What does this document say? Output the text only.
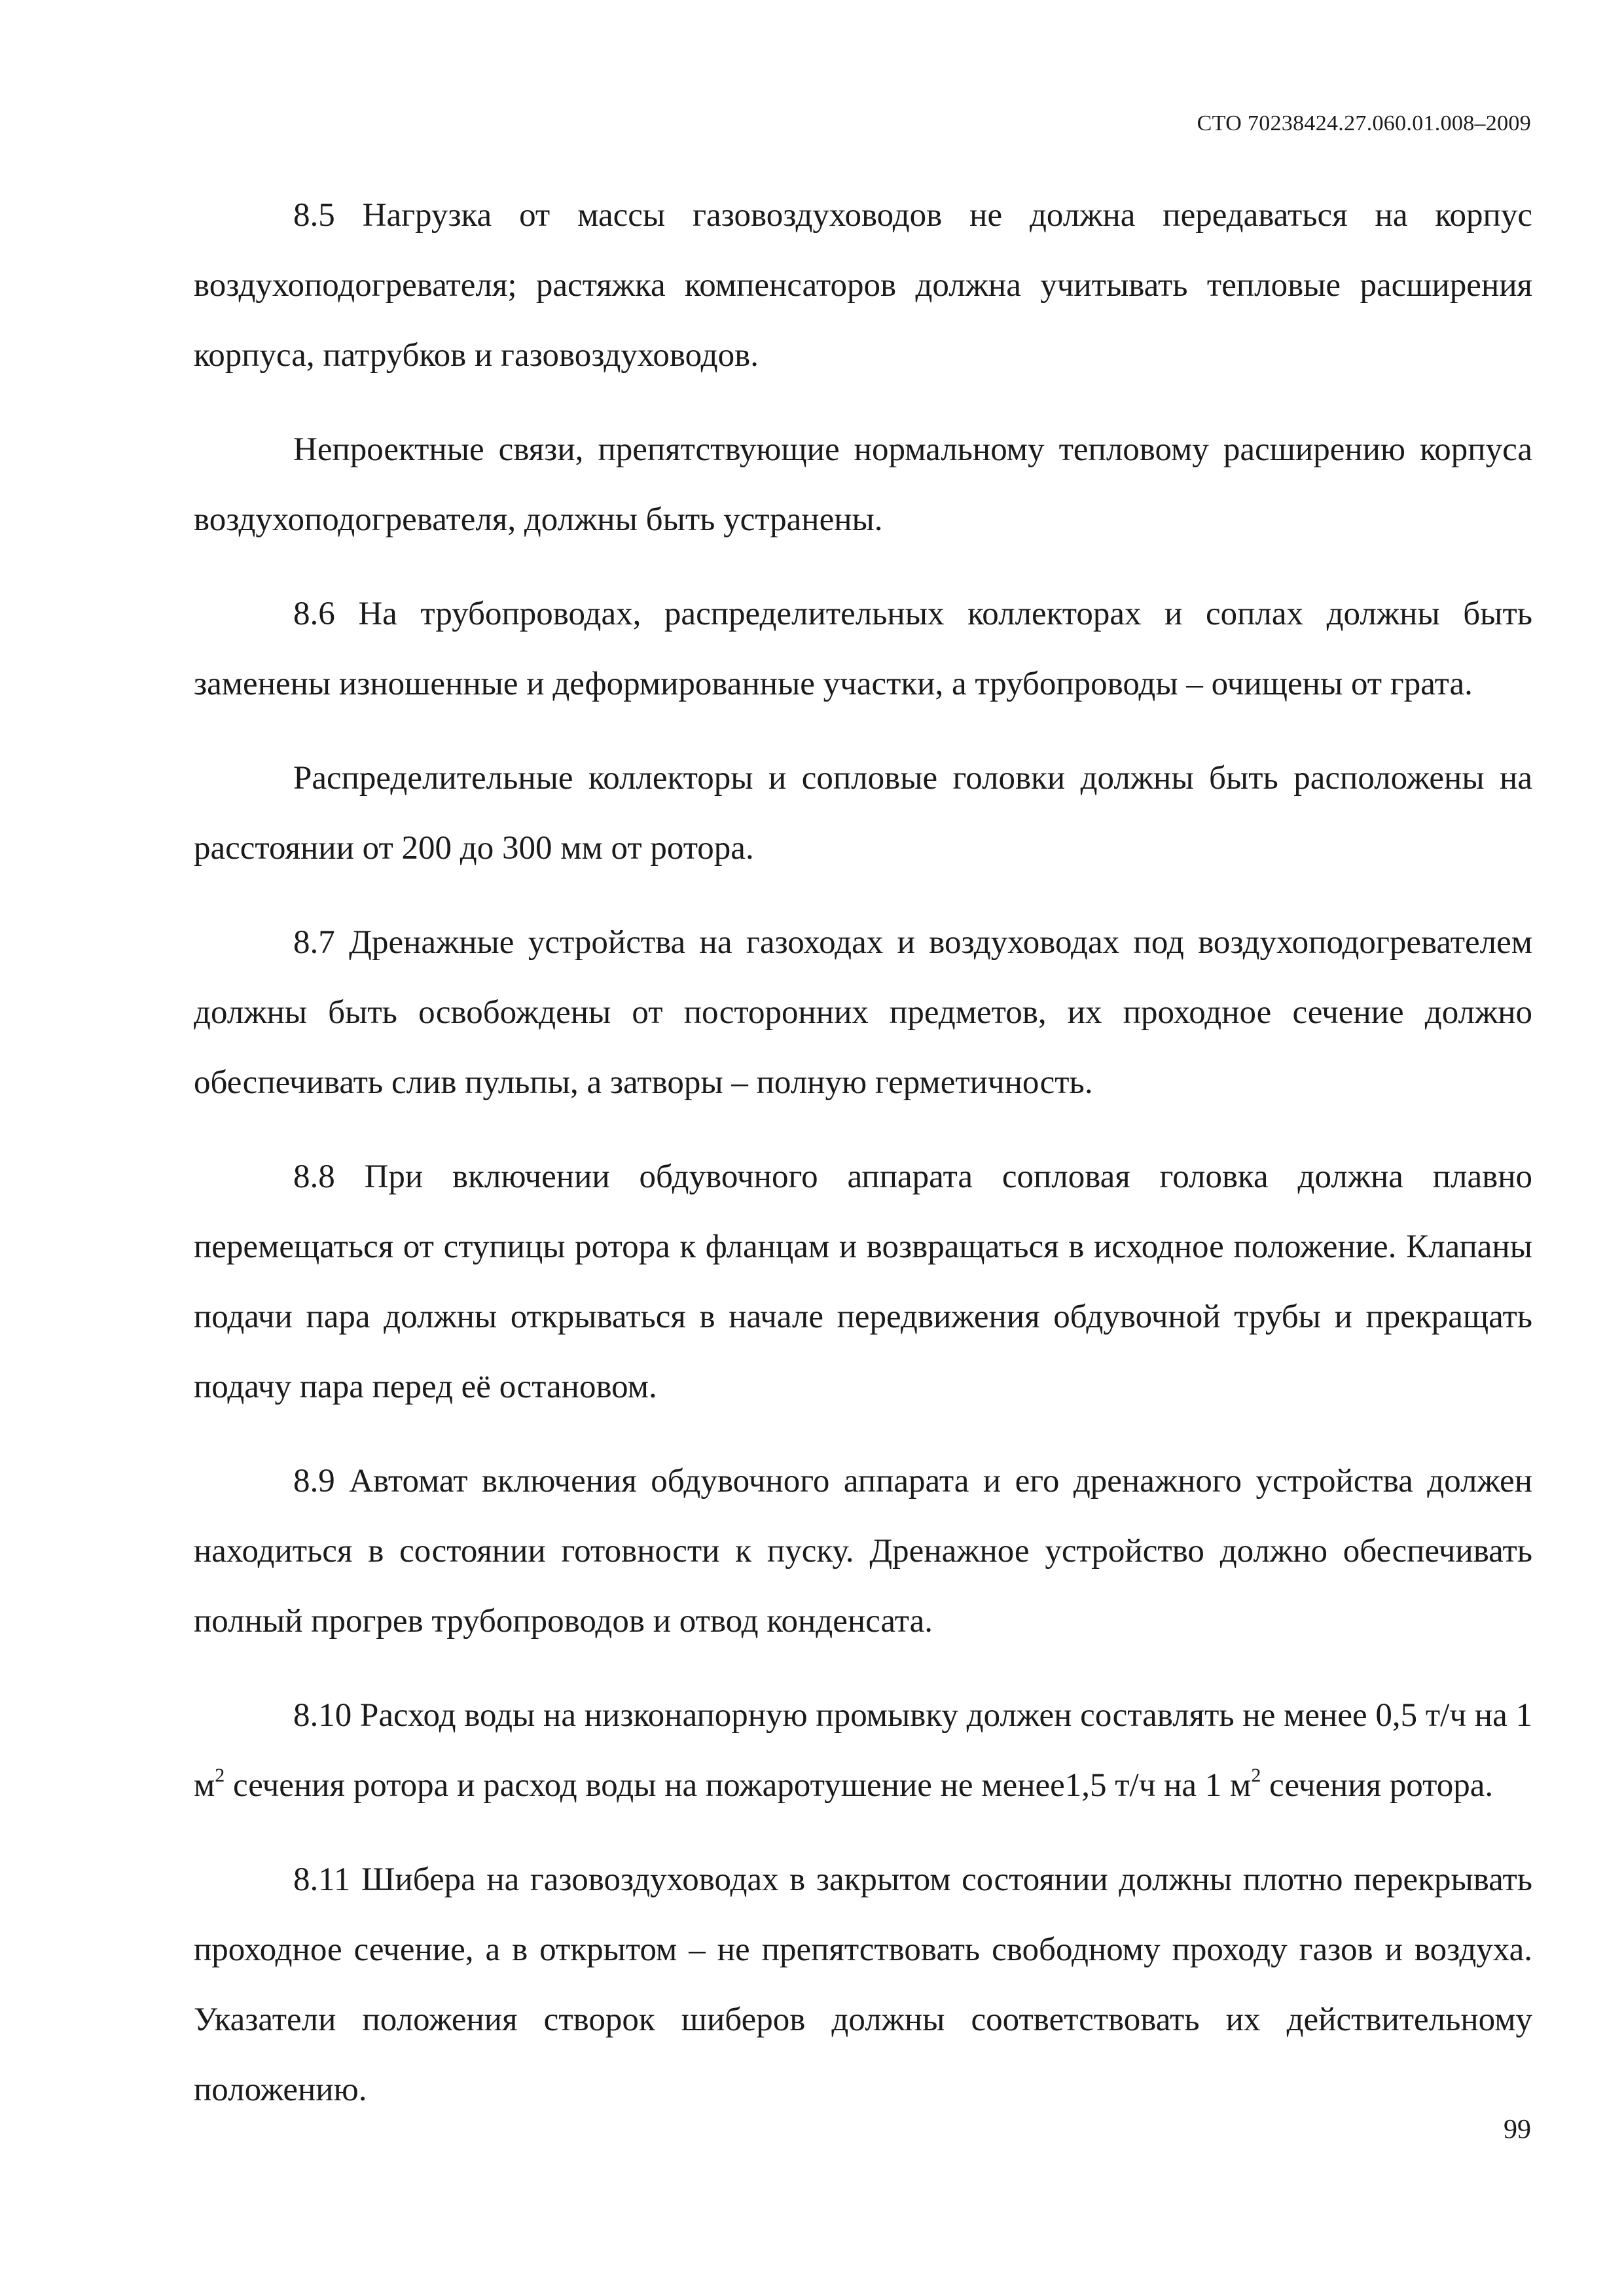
СТО 70238424.27.060.01.008–2009

8.5 Нагрузка от массы газовоздуховодов не должна передаваться на корпус воздухоподогревателя; растяжка компенсаторов должна учитывать тепловые расширения корпуса, патрубков и газовоздуховодов.

Непроектные связи, препятствующие нормальному тепловому расширению корпуса воздухоподогревателя, должны быть устранены.

8.6 На трубопроводах, распределительных коллекторах и соплах должны быть заменены изношенные и деформированные участки, а трубопроводы – очищены от грата.

Распределительные коллекторы и сопловые головки должны быть расположены на расстоянии от 200 до 300 мм от ротора.

8.7 Дренажные устройства на газоходах и воздуховодах под воздухоподогревателем должны быть освобождены от посторонних предметов, их проходное сечение должно обеспечивать слив пульпы, а затворы – полную герметичность.

8.8 При включении обдувочного аппарата сопловая головка должна плавно перемещаться от ступицы ротора к фланцам и возвращаться в исходное положение. Клапаны подачи пара должны открываться в начале передвижения обдувочной трубы и прекращать подачу пара перед её остановом.

8.9 Автомат включения обдувочного аппарата и его дренажного устройства должен находиться в состоянии готовности к пуску. Дренажное устройство должно обеспечивать полный прогрев трубопроводов и отвод конденсата.

8.10 Расход воды на низконапорную промывку должен составлять не менее 0,5 т/ч на 1 $м^2$ сечения ротора и расход воды на пожаротушение не менее1,5 т/ч на 1 $м^2$ сечения ротора.

8.11 Шибера на газовоздуховодах в закрытом состоянии должны плотно перекрывать проходное сечение, а в открытом – не препятствовать свободному проходу газов и воздуха. Указатели положения створок шиберов должны соответствовать их действительному положению.

99
